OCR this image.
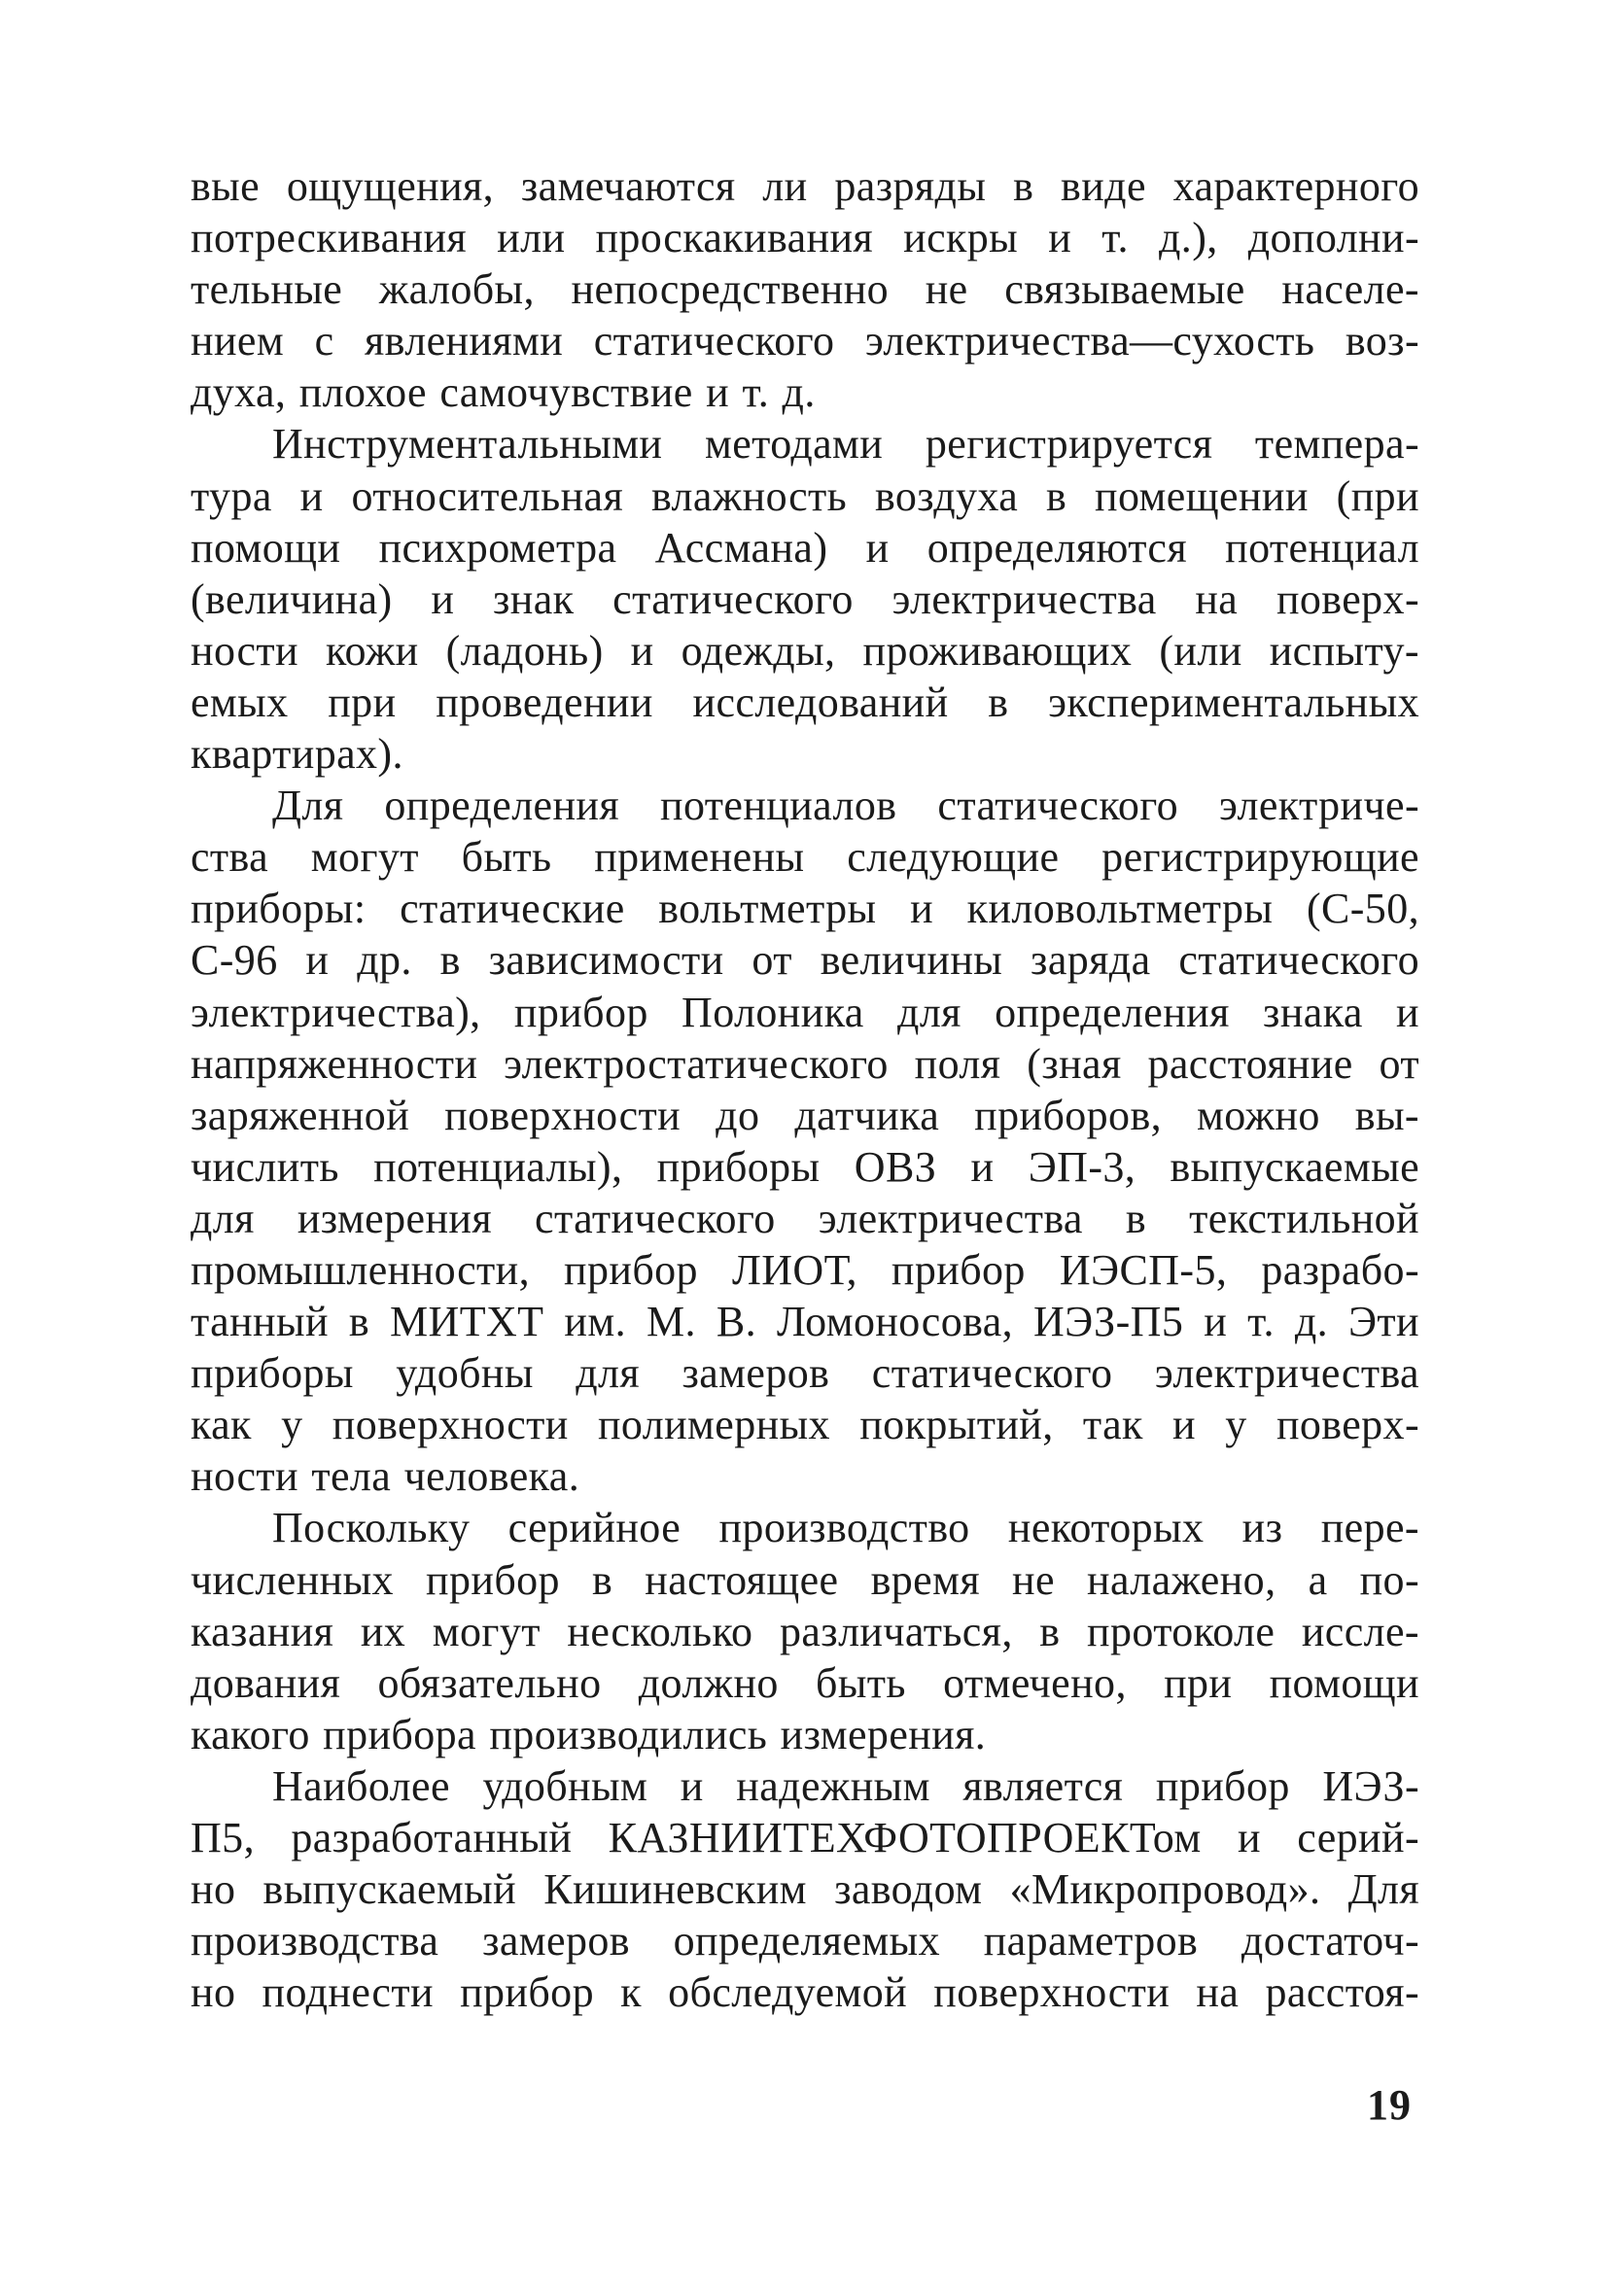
вые ощущения, замечаются ли разряды в виде характерного
потрескивания или проскакивания искры и т. д.), дополни-
тельные жалобы, непосредственно не связываемые населе-
нием с явлениями статического электричества—сухость воз-
духа, плохое самочувствие и т. д.
Инструментальными методами регистрируется темпера-
тура и относительная влажность воздуха в помещении (при
помощи психрометра Ассмана) и определяются потенциал
(величина) и знак статического электричества на поверх-
ности кожи (ладонь) и одежды, проживающих (или испыту-
емых при проведении исследований в экспериментальных
квартирах).
Для определения потенциалов статического электриче-
ства могут быть применены следующие регистрирующие
приборы: статические вольтметры и киловольтметры (С-50,
С-96 и др. в зависимости от величины заряда статического
электричества), прибор Полоника для определения знака и
напряженности электростатического поля (зная расстояние от
заряженной поверхности до датчика приборов, можно вы-
числить потенциалы), приборы ОВЗ и ЭП-3, выпускаемые
для измерения статического электричества в текстильной
промышленности, прибор ЛИОТ, прибор ИЭСП-5, разрабо-
танный в МИТХТ им. М. В. Ломоносова, ИЭЗ-П5 и т. д. Эти
приборы удобны для замеров статического электричества
как у поверхности полимерных покрытий, так и у поверх-
ности тела человека.
Поскольку серийное производство некоторых из пере-
численных прибор в настоящее время не налажено, а по-
казания их могут несколько различаться, в протоколе иссле-
дования обязательно должно быть отмечено, при помощи
какого прибора производились измерения.
Наиболее удобным и надежным является прибор ИЭЗ-
П5, разработанный КАЗНИИТЕХФОТОПРОЕКТом и серий-
но выпускаемый Кишиневским заводом «Микропровод». Для
производства замеров определяемых параметров достаточ-
но поднести прибор к обследуемой поверхности на расстоя-
19
